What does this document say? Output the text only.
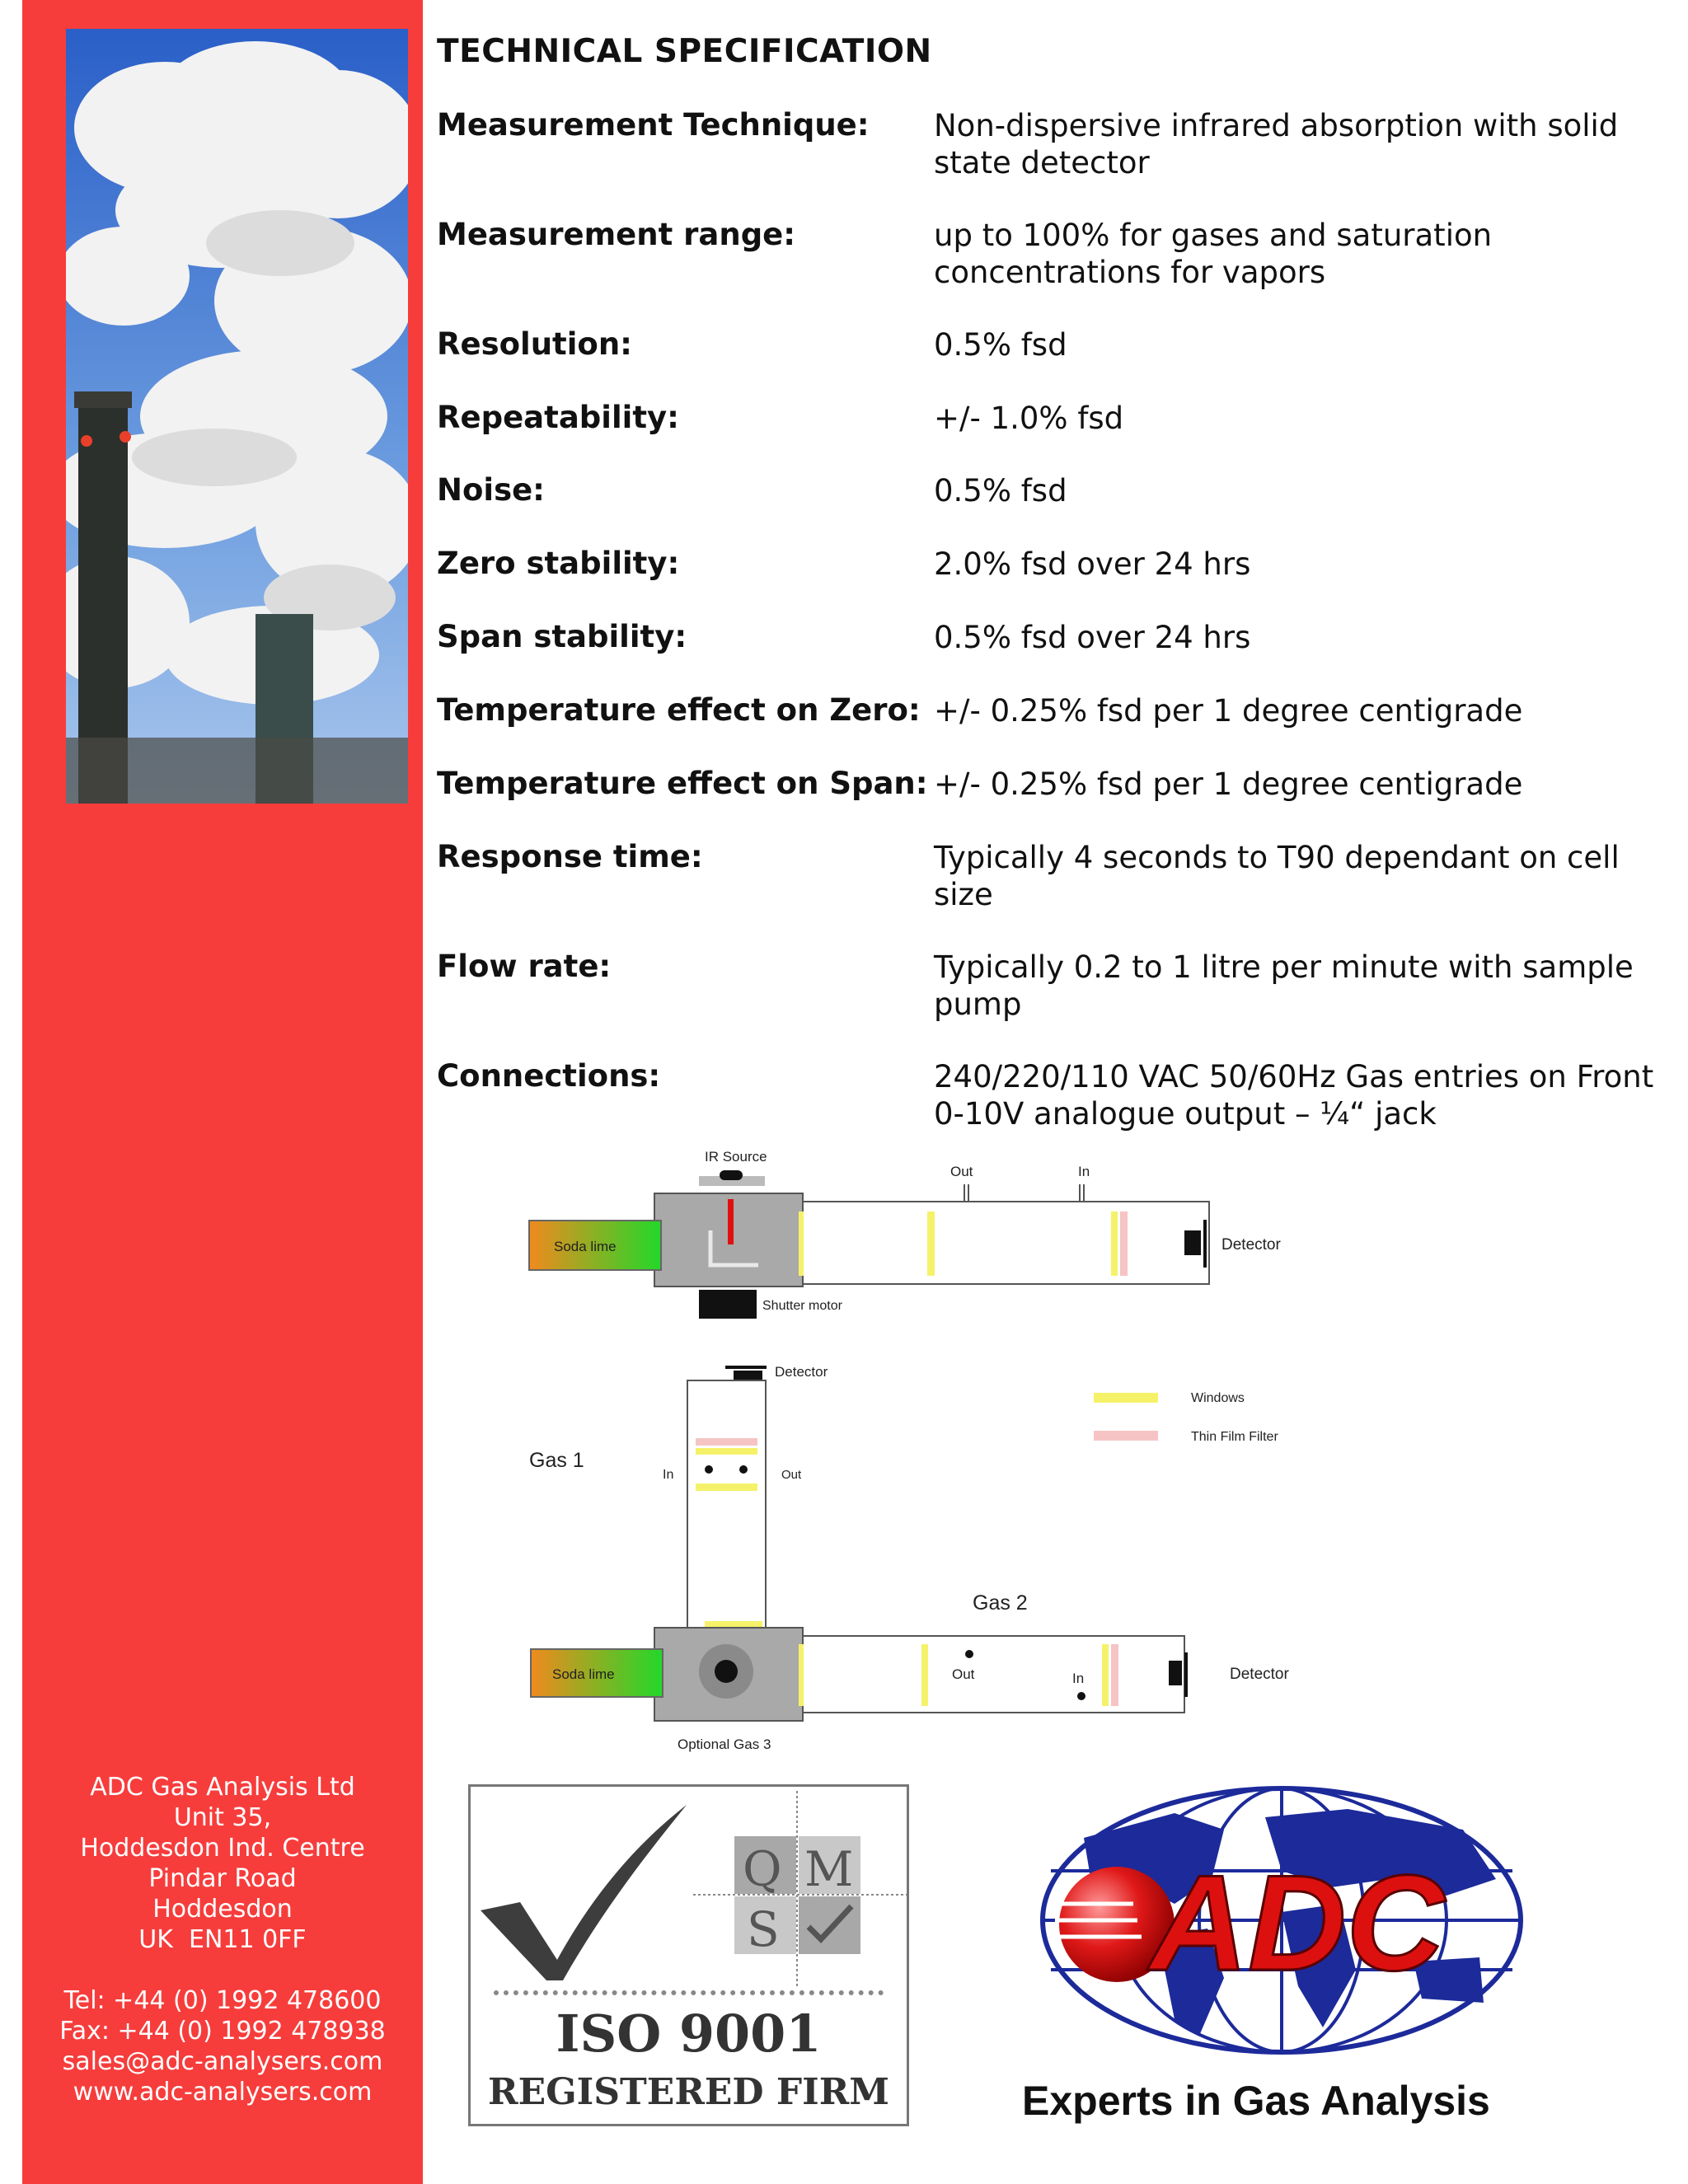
TECHNICAL SPECIFICATION
Measurement Technique: Non-dispersive infrared absorption with solid state detector
Measurement range:	up to 100% for gases and saturation concentrations for vapors
Resolution:	0.5% fsd
Repeatability:	+/- 1.0% fsd
Noise:	0.5% fsd
Zero stability:	2.0% fsd over 24 hrs
Span stability:	0.5% fsd over 24 hrs
Temperature effect on Zero: +/- 0.25% fsd per 1 degree centigrade
Temperature effect on Span: +/- 0.25% fsd per 1 degree centigrade
Response time:	Typically 4 seconds to T90 dependant on cell size
Flow rate:	Typically 0.2 to 1 litre per minute with sample pump
Connections:	240/220/110 VAC 50/60Hz Gas entries on Front 0-10V analogue output – ¼“ jack
IR Source
Soda lime
Out	In
Detector
Shutter motor
Detector
Gas 1
In	Out
Windows
Thin Film Filter
Gas 2
Soda lime	Out	In	Detector
Optional Gas 3
ADC Gas Analysis Ltd
Unit 35,
Hoddesdon Ind. Centre
Pindar Road
Hoddesdon
UK  EN11 0FF
Tel: +44 (0) 1992 478600
Fax: +44 (0) 1992 478938
sales@adc-analysers.com
www.adc-analysers.com
Q M
S
ISO 9001
REGISTERED FIRM
ADC
Experts in Gas Analysis
